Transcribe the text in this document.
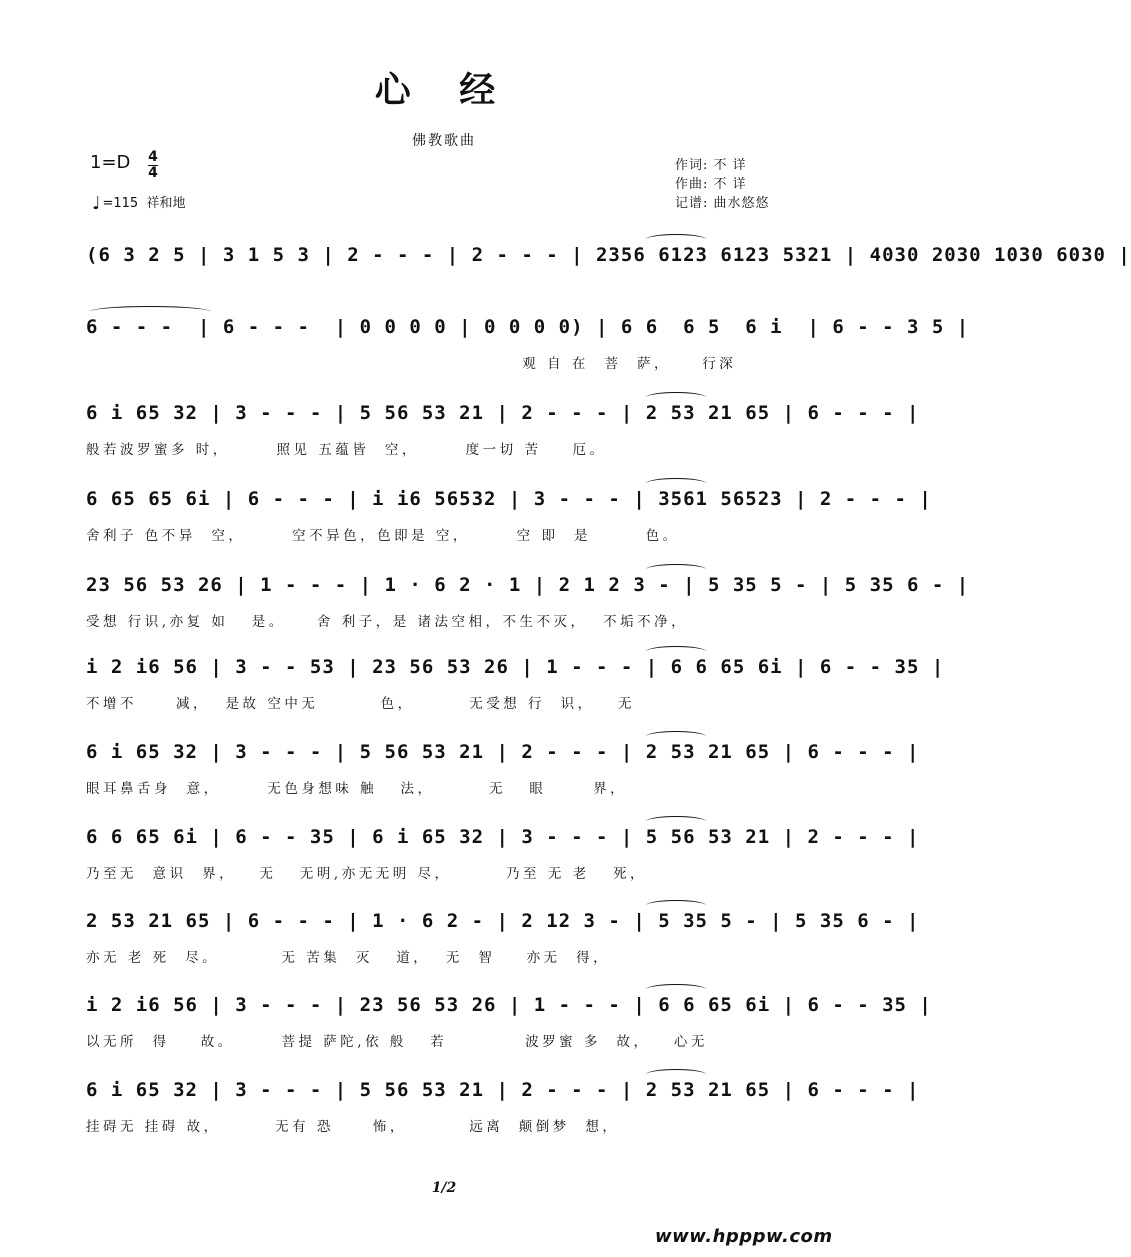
心 经
佛教歌曲
1=D 4
4
♩ =115 祥和地
作词: 不 详
作曲: 不 详
记谱: 曲水悠悠
(6 3 2 5 | 3 1 5 3 | 2 - - - | 2 - - - | 2356 6123 6123 5321 | 4030 2030 1030 6030 |
6 - - -  | 6 - - -  | 0 0 0 0 | 0 0 0 0) | 6 6  6 5  6 i  | 6 - - 3 5 |
观 自 在  菩  萨，    行深
6 i 65 32 | 3 - - - | 5 56 53 21 | 2 - - - | 2 53 21 65 | 6 - - - |
般若波罗蜜多 时，      照见 五蕴皆  空，      度一切 苦    厄。
6 65 65 6i | 6 - - - | i i6 56532 | 3 - - - | 3561 56523 | 2 - - - |
舍利子 色不异  空，      空不异色，色即是 空，      空 即  是       色。
23 56 53 26 | 1 - - - | 1 · 6 2 · 1 | 2 1 2 3 - | 5 35 5 - | 5 35 6 - |
受想 行识,亦复 如   是。    舍 利子，是 诸法空相，不生不灭，  不垢不净，
i 2 i6 56 | 3 - - 53 | 23 56 53 26 | 1 - - - | 6 6 65 6i | 6 - - 35 |
不增不     减，  是故 空中无        色，       无受想 行  识，   无
6 i 65 32 | 3 - - - | 5 56 53 21 | 2 - - - | 2 53 21 65 | 6 - - - |
眼耳鼻舌身  意，      无色身想味 触   法，       无   眼      界，
6 6 65 6i | 6 - - 35 | 6 i 65 32 | 3 - - - | 5 56 53 21 | 2 - - - |
乃至无  意识  界，   无   无明,亦无无明 尽，       乃至 无 老   死，
2 53 21 65 | 6 - - - | 1 · 6 2 - | 2 12 3 - | 5 35 5 - | 5 35 6 - |
亦无 老 死  尽。        无 苦集  灭   道，  无  智    亦无  得，
i 2 i6 56 | 3 - - - | 23 56 53 26 | 1 - - - | 6 6 65 6i | 6 - - 35 |
以无所  得    故。      菩提 萨陀,依 般   若          波罗蜜 多  故，   心无
6 i 65 32 | 3 - - - | 5 56 53 21 | 2 - - - | 2 53 21 65 | 6 - - - |
挂碍无 挂碍 故，       无有 恐     怖，        远离  颠倒梦  想，
1/2
www.hpppw.com
